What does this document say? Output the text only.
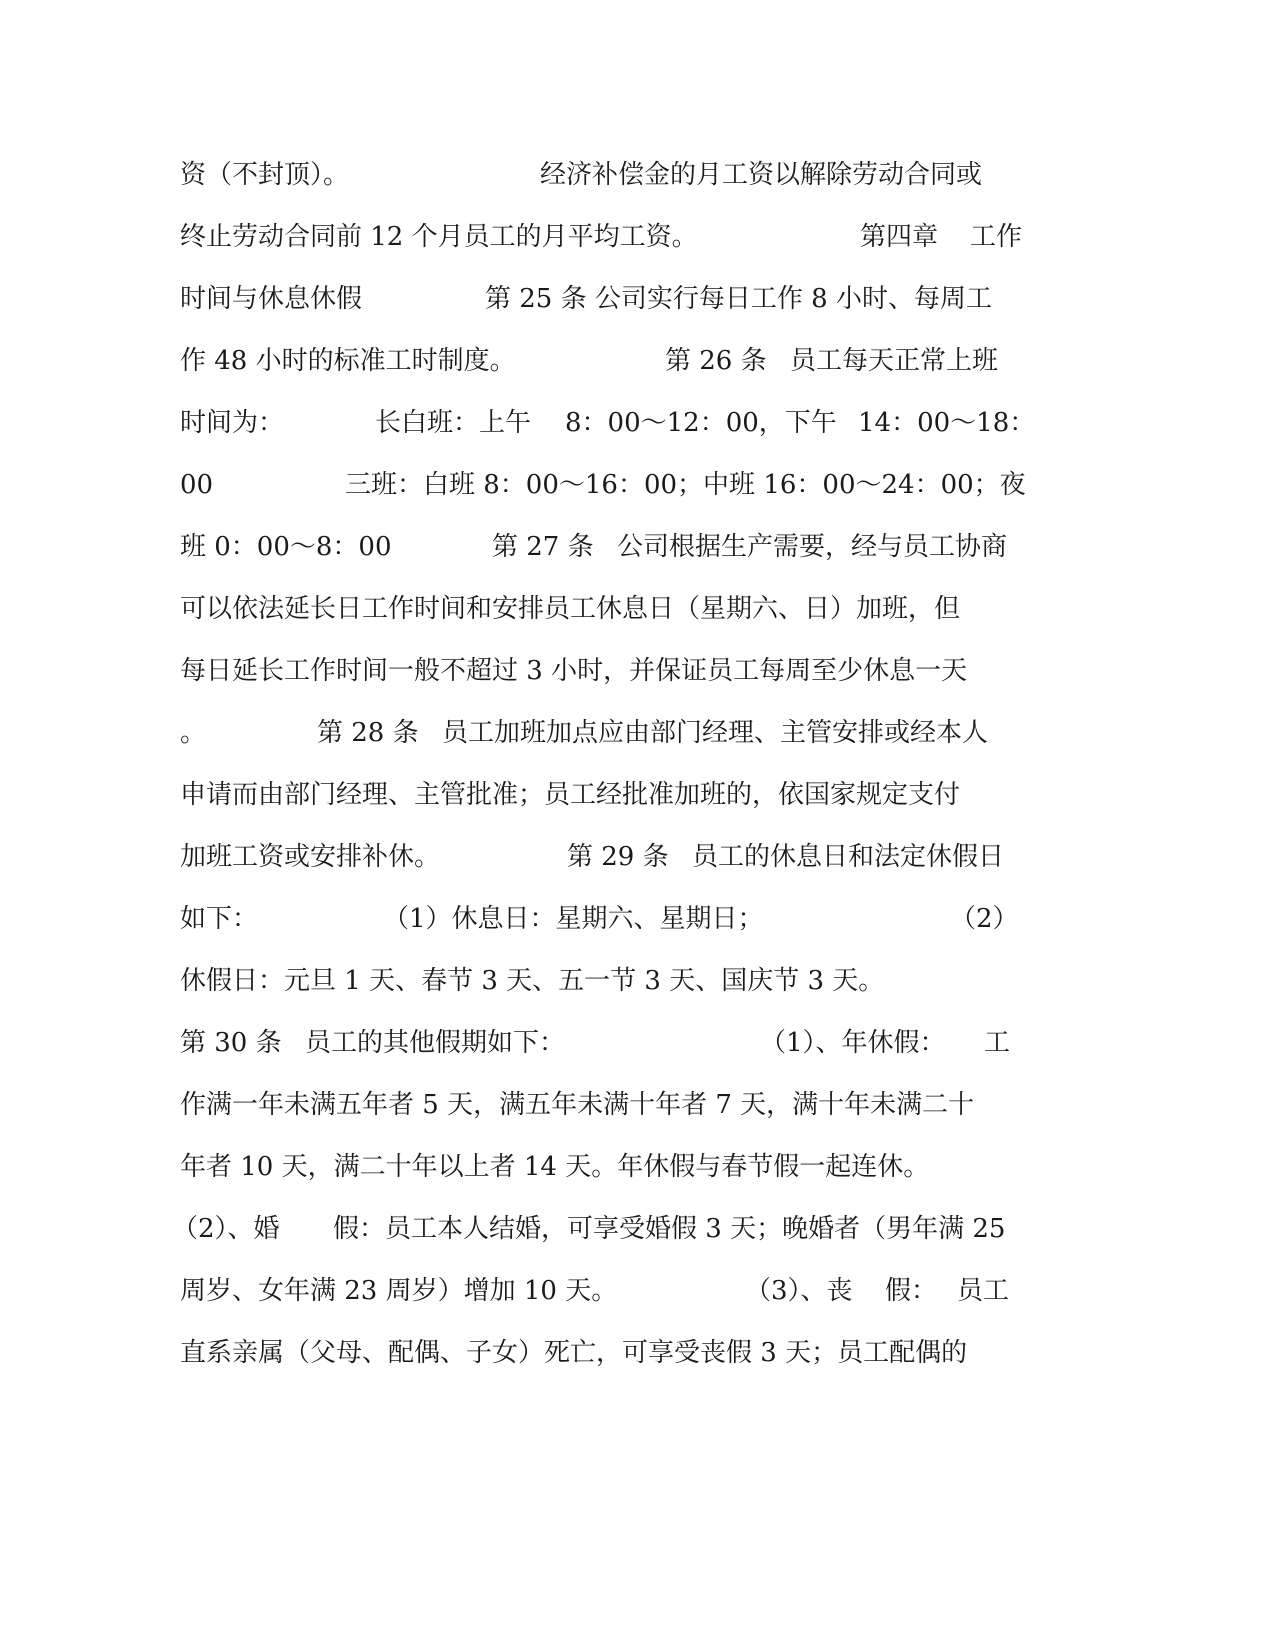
资（不封顶）。

	经济补偿金的月工资以解除劳动合同或

终止劳动合同前 12 个月员工的月平均工资。

	第四章

工作

时间与休息休假

	第 25 条 公司实行每日工作 8 小时、每周工

作 48 小时的标准工时制度。

	第 26 条

员工每天正常上班

时间为：

	长白班：上午

8：00～12：00，下午

14：00～18：

00

	三班：白班 8：00～16：00；中班 16：00～24：00；夜

班 0：00～8：00

	第 27 条

公司根据生产需要，经与员工协商

可以依法延长日工作时间和安排员工休息日（星期六、日）加班，但

每日延长工作时间一般不超过 3 小时，并保证员工每周至少休息一天

。

	第 28 条

员工加班加点应由部门经理、主管安排或经本人

申请而由部门经理、主管批准；员工经批准加班的，依国家规定支付

加班工资或安排补休。

	第 29 条

员工的休息日和法定休假日

如下：

	（1）休息日：星期六、星期日；

	（2）

休假日：元旦 1 天、春节 3 天、五一节 3 天、国庆节 3 天。

第 30 条

员工的其他假期如下：

	（1）、年休假：

工

作满一年未满五年者 5 天，满五年未满十年者 7 天，满十年未满二十

年者 10 天，满二十年以上者 14 天。年休假与春节假一起连休。

（2）、婚

假：员工本人结婚，可享受婚假 3 天；晚婚者（男年满 25

周岁、女年满 23 周岁）增加 10 天。

	（3）、丧

假：

员工

直系亲属（父母、配偶、子女）死亡，可享受丧假 3 天；员工配偶的
